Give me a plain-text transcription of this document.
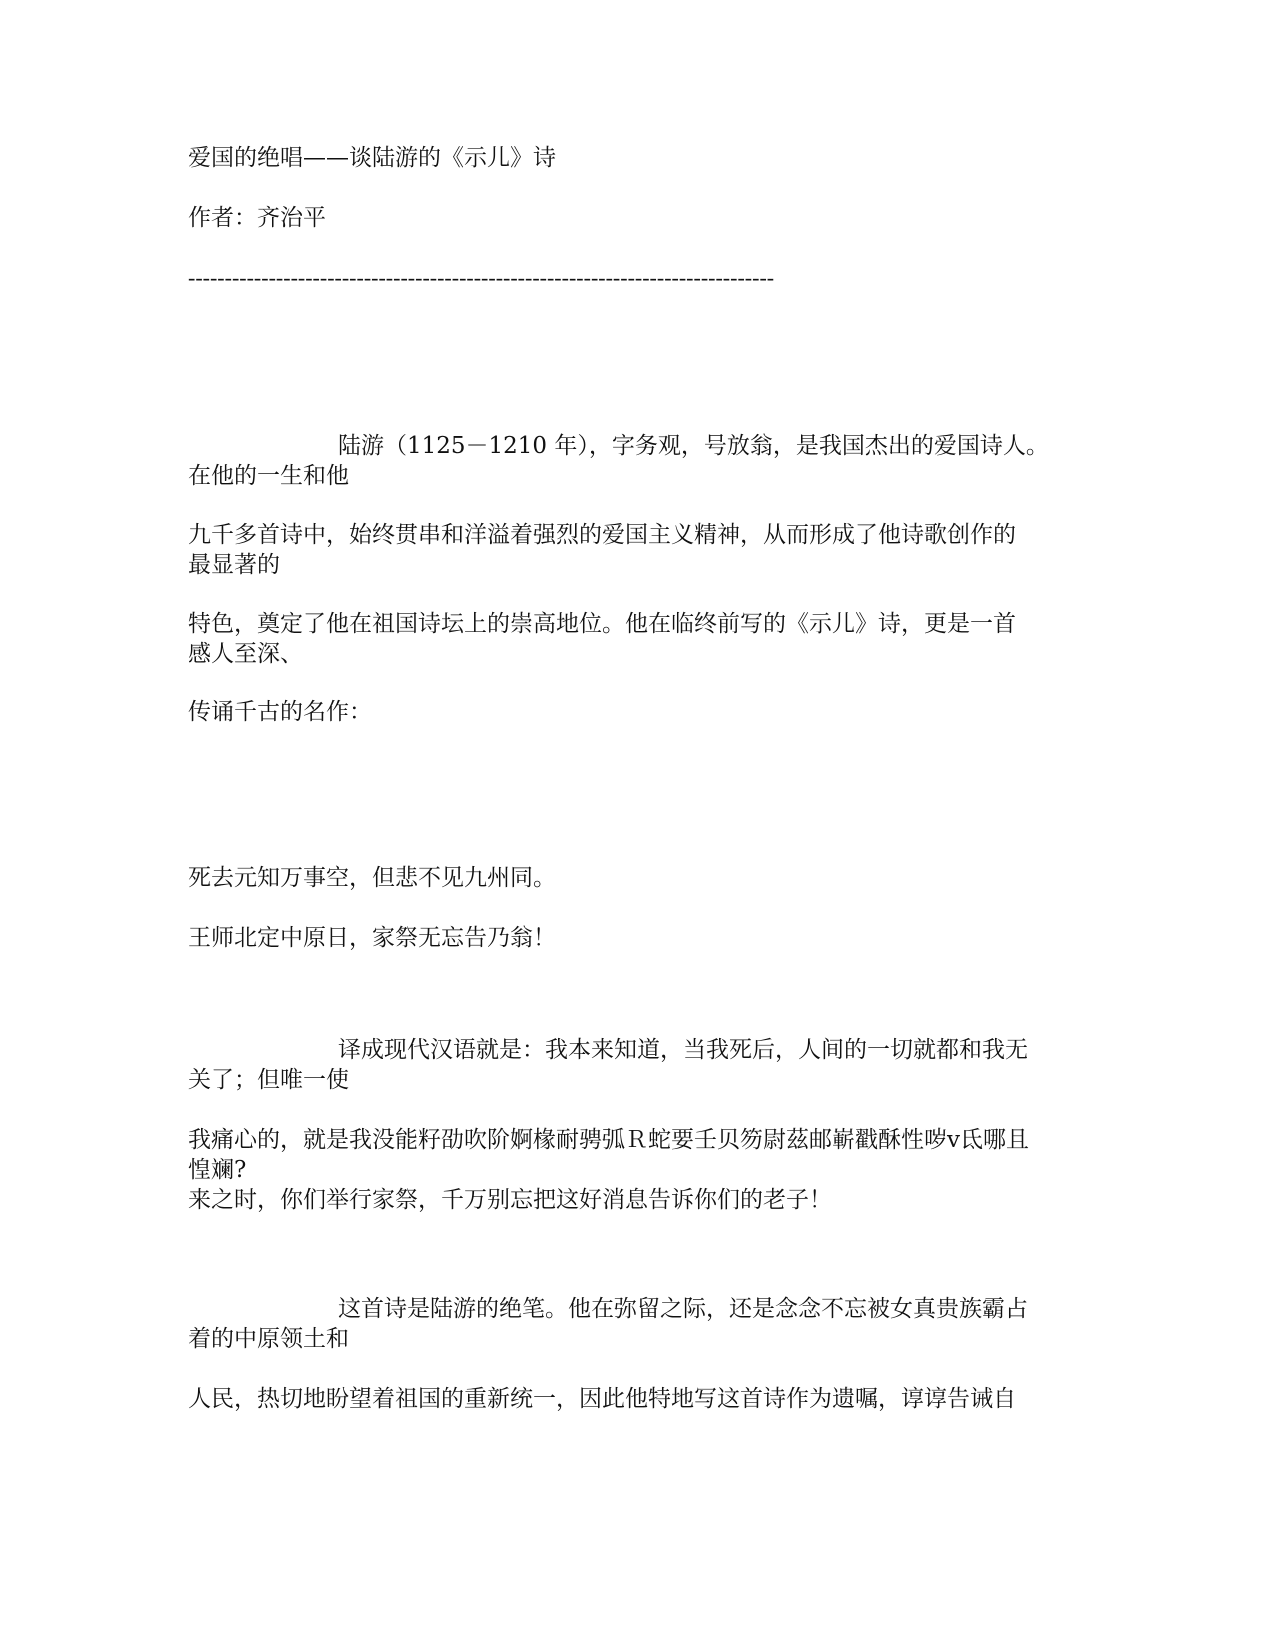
爱国的绝唱——谈陆游的《示儿》诗
作者：齐治平
--------------------------------------------------------------------------------
陆游（1125－1210 年），字务观，号放翁，是我国杰出的爱国诗人。
在他的一生和他
九千多首诗中，始终贯串和洋溢着强烈的爱国主义精神，从而形成了他诗歌创作的
最显著的
特色，奠定了他在祖国诗坛上的崇高地位。他在临终前写的《示儿》诗，更是一首
感人至深、
传诵千古的名作：
死去元知万事空，但悲不见九州同。
王师北定中原日，家祭无忘告乃翁！
译成现代汉语就是：我本来知道，当我死后，人间的一切就都和我无
关了；但唯一使
我痛心的，就是我没能籽劭吹阶婀椽耐骋弧Ｒ蛇要壬贝笏尉茲邮嶄戳酥性哕ⅴ氐哪且
惶斓?
来之时，你们举行家祭，千万别忘把这好消息告诉你们的老子！
这首诗是陆游的绝笔。他在弥留之际，还是念念不忘被女真贵族霸占
着的中原领土和
人民，热切地盼望着祖国的重新统一，因此他特地写这首诗作为遗嘱，谆谆告诫自
